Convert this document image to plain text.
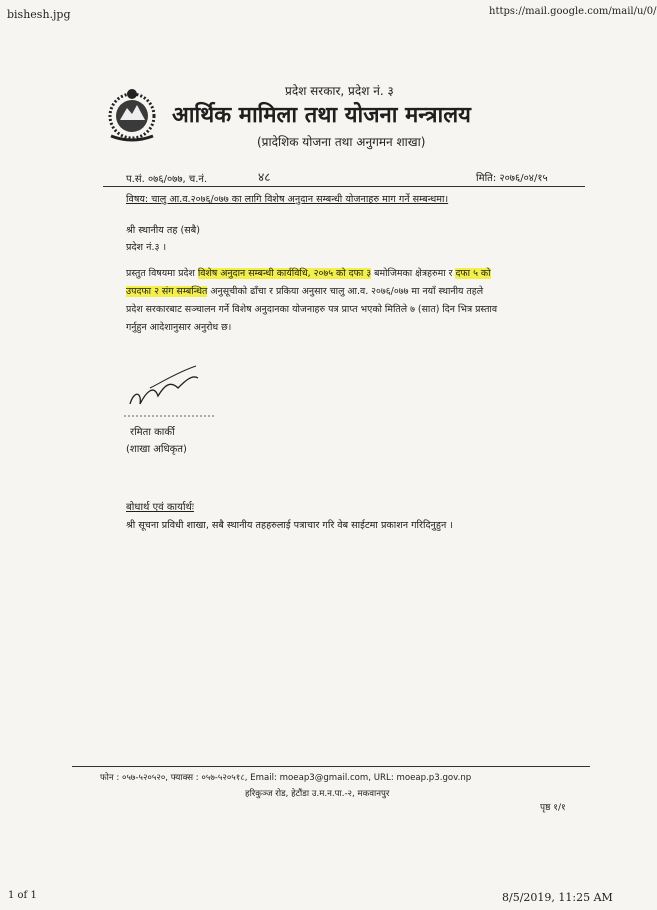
bishesh.jpg	https://mail.google.com/mail/u/0/
प्रदेश सरकार, प्रदेश नं. ३
आर्थिक मामिला तथा योजना मन्त्रालय
(प्रादेशिक योजना तथा अनुगमन शाखा)
प.सं. ०७६/०७७, च.नं.	४८	मिति: २०७६/०४/१५
विषय: चालु आ.व.२०७६/०७७ का लागि विशेष अनुदान सम्बन्धी योजनाहरु माग गर्ने सम्बन्धमा।
श्री स्थानीय तह (सबै)
प्रदेश नं.३ ।
प्रस्तुत विषयमा प्रदेश विशेष अनुदान सम्बन्धी कार्यविधि, २०७५ को दफा ३ बमोजिमका क्षेत्रहरुमा र दफा ५ को
उपदफा २ संग सम्बन्धित अनुसूचीको ढाँचा र प्रकिया अनुसार चालु आ.व. २०७६/०७७ मा नयाँ स्थानीय तहले
प्रदेश सरकारबाट सञ्चालन गर्ने विशेष अनुदानका योजनाहरु पत्र प्राप्त भएको मितिले ७ (सात) दिन भित्र प्रस्ताव
गर्नुहुन आदेशानुसार अनुरोध छ।
रमिता कार्की
(शाखा अधिकृत)
बोधार्थ एवं कार्यार्थः
श्री सूचना प्रविधी शाखा, सबै स्थानीय तहहरुलाई पत्राचार गरि वेब साईटमा प्रकाशन गरिदिनुहुन ।
फोन : ०५७-५२०५२०, फ्याक्स : ०५७-५२०५१८, Email: moeap3@gmail.com, URL: moeap.p3.gov.np
हरिकुञ्ज रोड, हेटौंडा उ.म.न.पा.-२, मकवानपुर
पृष्ठ १/१
1 of 1	8/5/2019, 11:25 AM
